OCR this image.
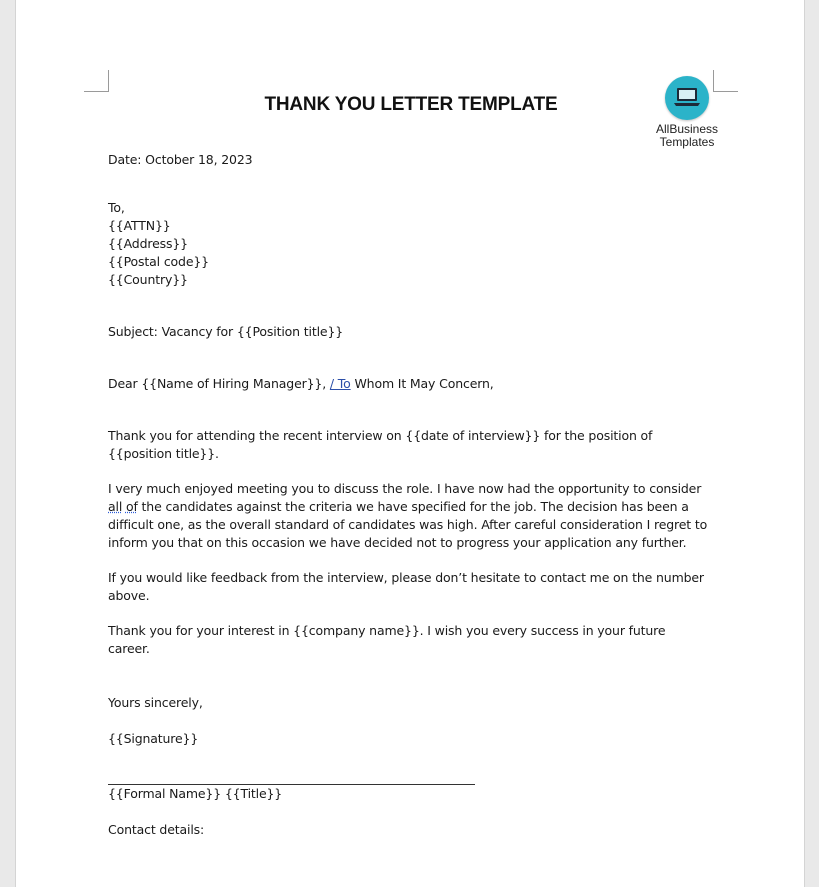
THANK YOU LETTER TEMPLATE
AllBusiness
Templates

Date: October 18, 2023

To,

{{ATTN}}

{{Address}}

{{Postal code}}

{{Country}}

Subject: Vacancy for {{Position title}}

Dear {{Name of Hiring Manager}}, / To Whom It May Concern,

Thank you for attending the recent interview on {{date of interview}} for the position of {{position title}}.

I very much enjoyed meeting you to discuss the role. I have now had the opportunity to consider all of the candidates against the criteria we have specified for the job. The decision has been a difficult one, as the overall standard of candidates was high. After careful consideration I regret to inform you that on this occasion we have decided not to progress your application any further.

If you would like feedback from the interview, please don’t hesitate to contact me on the number above.

Thank you for your interest in {{company name}}. I wish you every success in your future career.

Yours sincerely,

{{Signature}}

{{Formal Name}} {{Title}}

Contact details:
